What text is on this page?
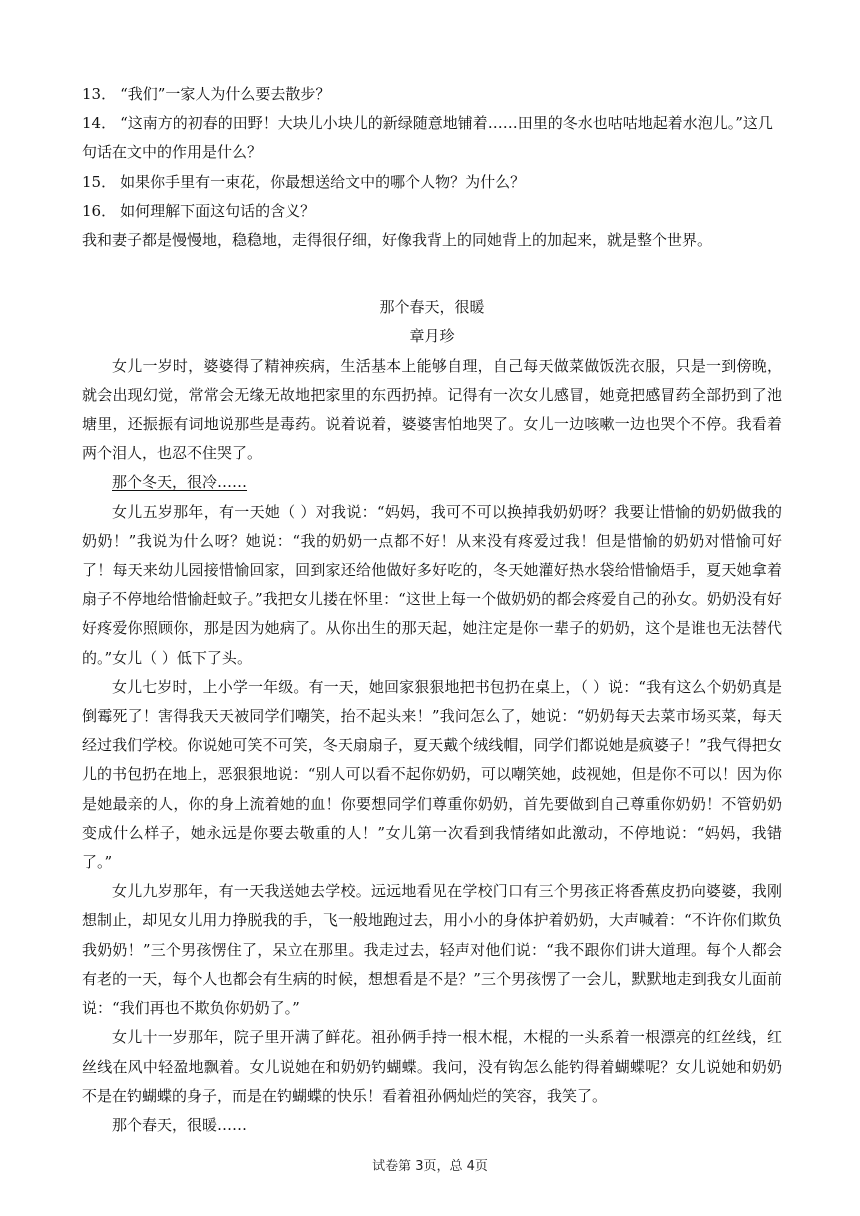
13． “我们”一家人为什么要去散步？

14． “这南方的初春的田野！大块儿小块儿的新绿随意地铺着……田里的冬水也咕咕地起着水泡儿。”这几句话在文中的作用是什么？

15． 如果你手里有一束花，你最想送给文中的哪个人物？为什么？

16． 如何理解下面这句话的含义？

我和妻子都是慢慢地，稳稳地，走得很仔细，好像我背上的同她背上的加起来，就是整个世界。

那个春天，很暖

章月珍

女儿一岁时，婆婆得了精神疾病，生活基本上能够自理，自己每天做菜做饭洗衣服，只是一到傍晚，就会出现幻觉，常常会无缘无故地把家里的东西扔掉。记得有一次女儿感冒，她竟把感冒药全部扔到了池塘里，还振振有词地说那些是毒药。说着说着，婆婆害怕地哭了。女儿一边咳嗽一边也哭个不停。我看着两个泪人，也忍不住哭了。

那个冬天，很冷……

女儿五岁那年，有一天她（ ）对我说：“妈妈，我可不可以换掉我奶奶呀？我要让惜愉的奶奶做我的奶奶！”我说为什么呀？她说：“我的奶奶一点都不好！从来没有疼爱过我！但是惜愉的奶奶对惜愉可好了！每天来幼儿园接惜愉回家，回到家还给他做好多好吃的，冬天她灌好热水袋给惜愉焐手，夏天她拿着扇子不停地给惜愉赶蚊子。”我把女儿搂在怀里：“这世上每一个做奶奶的都会疼爱自己的孙女。奶奶没有好好疼爱你照顾你，那是因为她病了。从你出生的那天起，她注定是你一辈子的奶奶，这个是谁也无法替代的。”女儿（ ）低下了头。

女儿七岁时，上小学一年级。有一天，她回家狠狠地把书包扔在桌上，（ ）说：“我有这么个奶奶真是倒霉死了！害得我天天被同学们嘲笑，抬不起头来！”我问怎么了，她说：“奶奶每天去菜市场买菜，每天经过我们学校。你说她可笑不可笑，冬天扇扇子，夏天戴个绒线帽，同学们都说她是疯婆子！”我气得把女儿的书包扔在地上，恶狠狠地说：“别人可以看不起你奶奶，可以嘲笑她，歧视她，但是你不可以！因为你是她最亲的人，你的身上流着她的血！你要想同学们尊重你奶奶，首先要做到自己尊重你奶奶！不管奶奶变成什么样子，她永远是你要去敬重的人！”女儿第一次看到我情绪如此激动，不停地说：“妈妈，我错了。”

女儿九岁那年，有一天我送她去学校。远远地看见在学校门口有三个男孩正将香蕉皮扔向婆婆，我刚想制止，却见女儿用力挣脱我的手，飞一般地跑过去，用小小的身体护着奶奶，大声喊着：“不许你们欺负我奶奶！”三个男孩愣住了，呆立在那里。我走过去，轻声对他们说：“我不跟你们讲大道理。每个人都会有老的一天，每个人也都会有生病的时候，想想看是不是？”三个男孩愣了一会儿，默默地走到我女儿面前说：“我们再也不欺负你奶奶了。”

女儿十一岁那年，院子里开满了鲜花。祖孙俩手持一根木棍，木棍的一头系着一根漂亮的红丝线，红丝线在风中轻盈地飘着。女儿说她在和奶奶钓蝴蝶。我问，没有钩怎么能钓得着蝴蝶呢？女儿说她和奶奶不是在钓蝴蝶的身子，而是在钓蝴蝶的快乐！看着祖孙俩灿烂的笑容，我笑了。

那个春天，很暖……

试卷第 3页，总 4页
